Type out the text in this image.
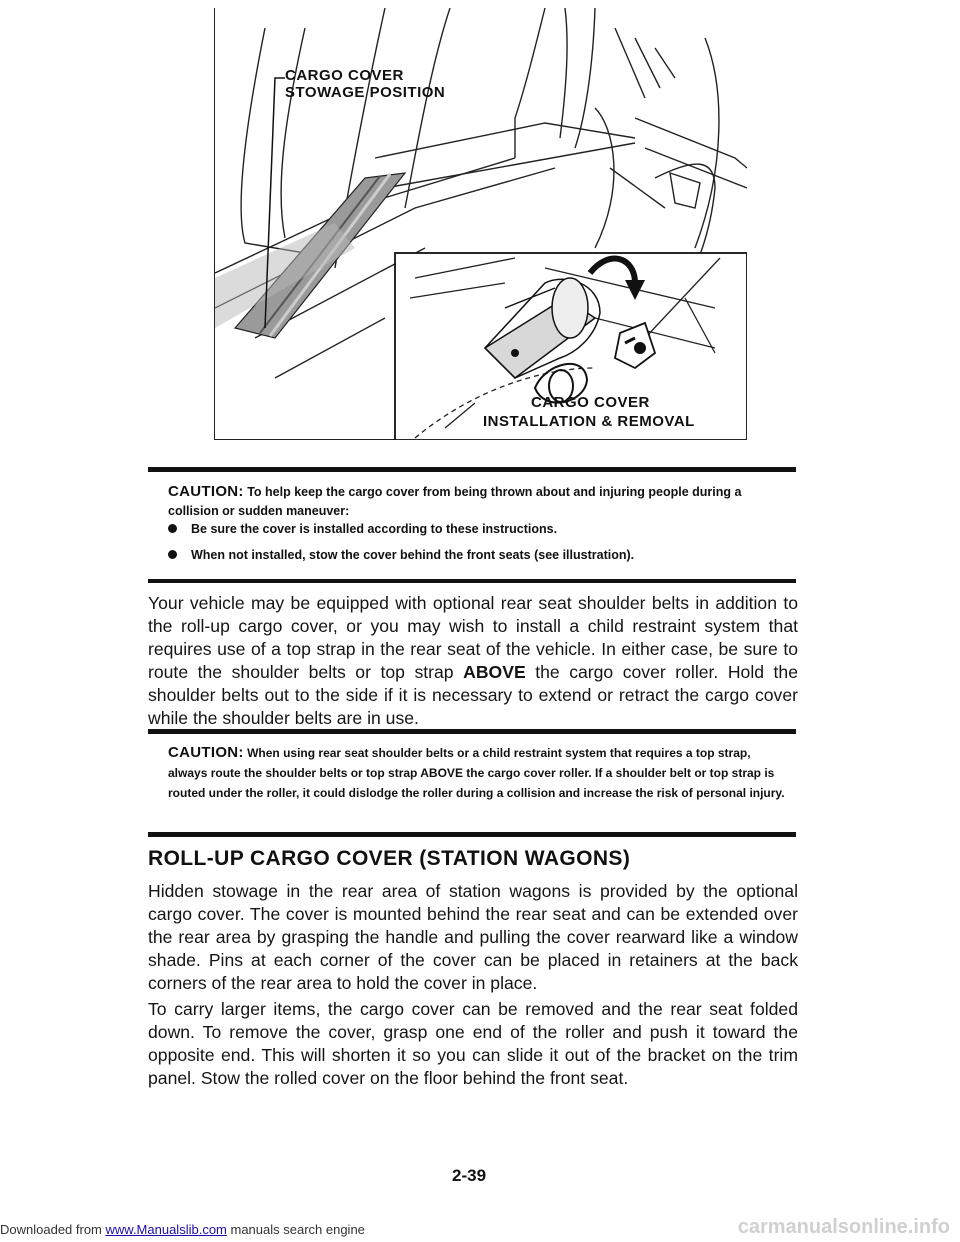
CARGO COVER
STOWAGE POSITION
CARGO COVER
INSTALLATION & REMOVAL
CAUTION: To help keep the cargo cover from being thrown about and injuring people during a collision or sudden maneuver:
Be sure the cover is installed according to these instructions.
When not installed, stow the cover behind the front seats (see illustration).
Your vehicle may be equipped with optional rear seat shoulder belts in addition to the roll-up cargo cover, or you may wish to install a child restraint system that requires use of a top strap in the rear seat of the vehicle. In either case, be sure to route the shoulder belts or top strap ABOVE the cargo cover roller. Hold the shoulder belts out to the side if it is necessary to extend or retract the cargo cover while the shoulder belts are in use.
CAUTION: When using rear seat shoulder belts or a child restraint system that requires a top strap, always route the shoulder belts or top strap ABOVE the cargo cover roller. If a shoulder belt or top strap is routed under the roller, it could dislodge the roller during a collision and increase the risk of personal injury.
ROLL-UP CARGO COVER (STATION WAGONS)
Hidden stowage in the rear area of station wagons is provided by the optional cargo cover. The cover is mounted behind the rear seat and can be extended over the rear area by grasping the handle and pulling the cover rearward like a window shade. Pins at each corner of the cover can be placed in retainers at the back corners of the rear area to hold the cover in place.
To carry larger items, the cargo cover can be removed and the rear seat folded down. To remove the cover, grasp one end of the roller and push it toward the opposite end. This will shorten it so you can slide it out of the bracket on the trim panel. Stow the rolled cover on the floor behind the front seat.
2-39
Downloaded from www.Manualslib.com manuals search engine	carmanualsonline.info
